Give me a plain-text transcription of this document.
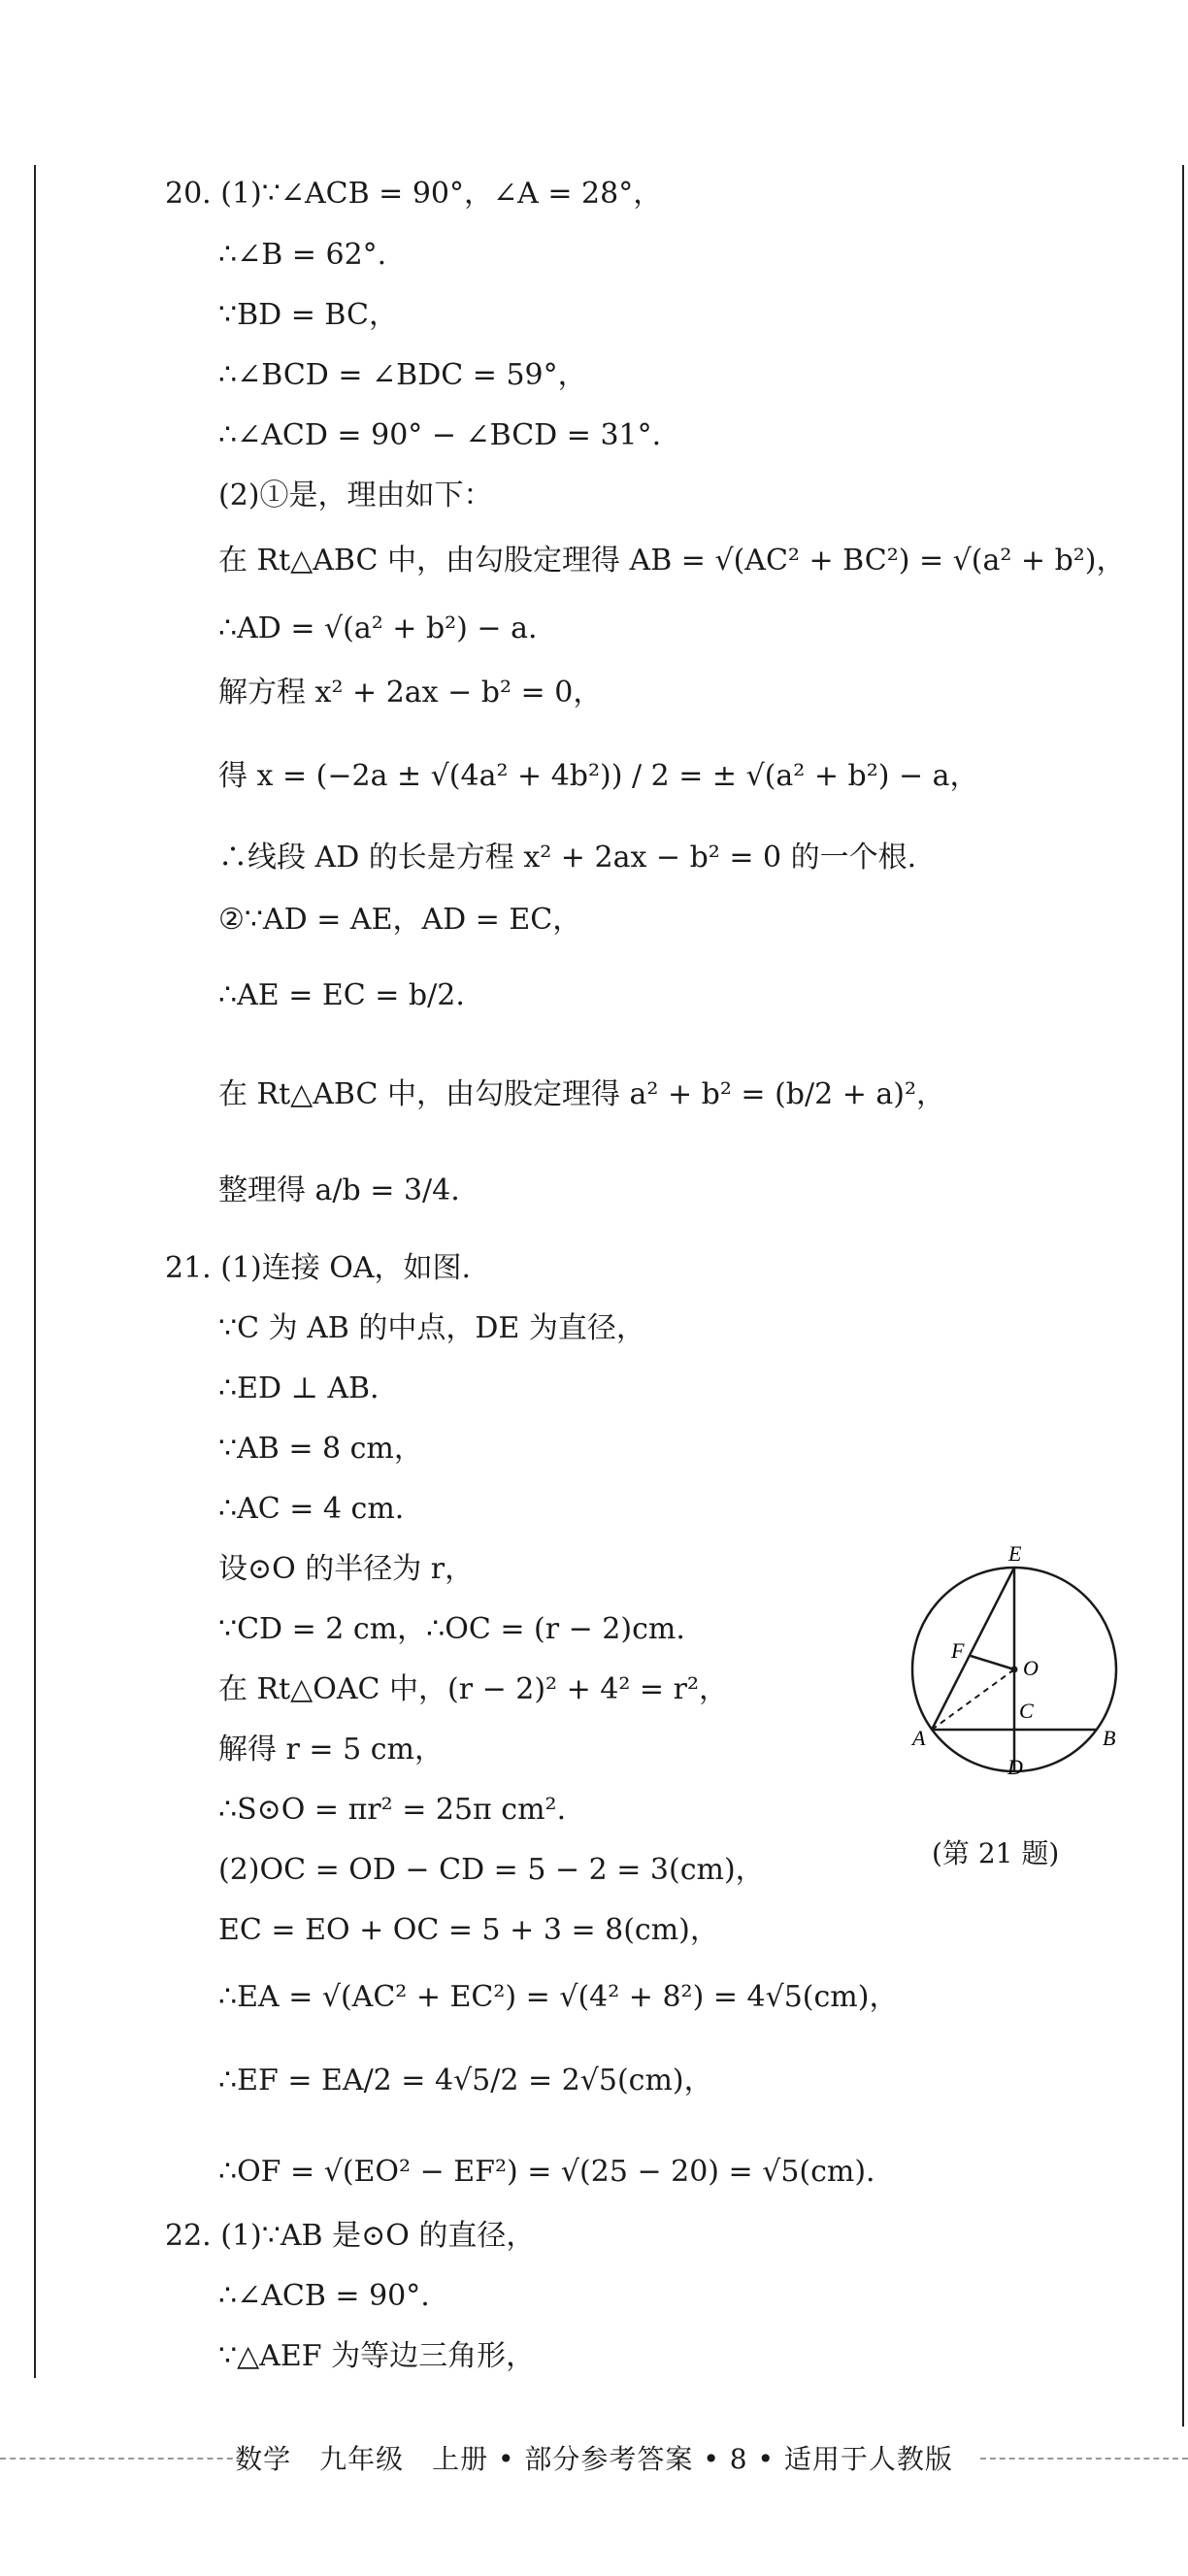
20. (1)∵∠ACB = 90°，∠A = 28°，
∴∠B = 62°.
∵BD = BC，
∴∠BCD = ∠BDC = 59°，
∴∠ACD = 90° − ∠BCD = 31°.
(2)①是，理由如下：
在 Rt△ABC 中，由勾股定理得 AB = √(AC² + BC²) = √(a² + b²)，
∴AD = √(a² + b²) − a.
解方程 x² + 2ax − b² = 0，
得 x = (−2a ± √(4a² + 4b²)) / 2 = ± √(a² + b²) − a，
∴线段 AD 的长是方程 x² + 2ax − b² = 0 的一个根.
②∵AD = AE，AD = EC，
∴AE = EC = b/2.
在 Rt△ABC 中，由勾股定理得 a² + b² = (b/2 + a)²，
整理得 a/b = 3/4.
21. (1)连接 OA，如图.
∵C 为 AB 的中点，DE 为直径，
∴ED ⊥ AB.
∵AB = 8 cm，
∴AC = 4 cm.
设⊙O 的半径为 r，
∵CD = 2 cm，∴OC = (r − 2)cm.
在 Rt△OAC 中，(r − 2)² + 4² = r²，
解得 r = 5 cm，
∴S⊙O = πr² = 25π cm².
(2)OC = OD − CD = 5 − 2 = 3(cm)，
EC = EO + OC = 5 + 3 = 8(cm)，
∴EA = √(AC² + EC²) = √(4² + 8²) = 4√5(cm)，
∴EF = EA/2 = 4√5/2 = 2√5(cm)，
∴OF = √(EO² − EF²) = √(25 − 20) = √5(cm).
22. (1)∵AB 是⊙O 的直径，
∴∠ACB = 90°.
∵△AEF 为等边三角形，
E
F
O
C
A	B
D
(第 21 题)
数学　九年级　上册 • 部分参考答案 • 8 • 适用于人教版
